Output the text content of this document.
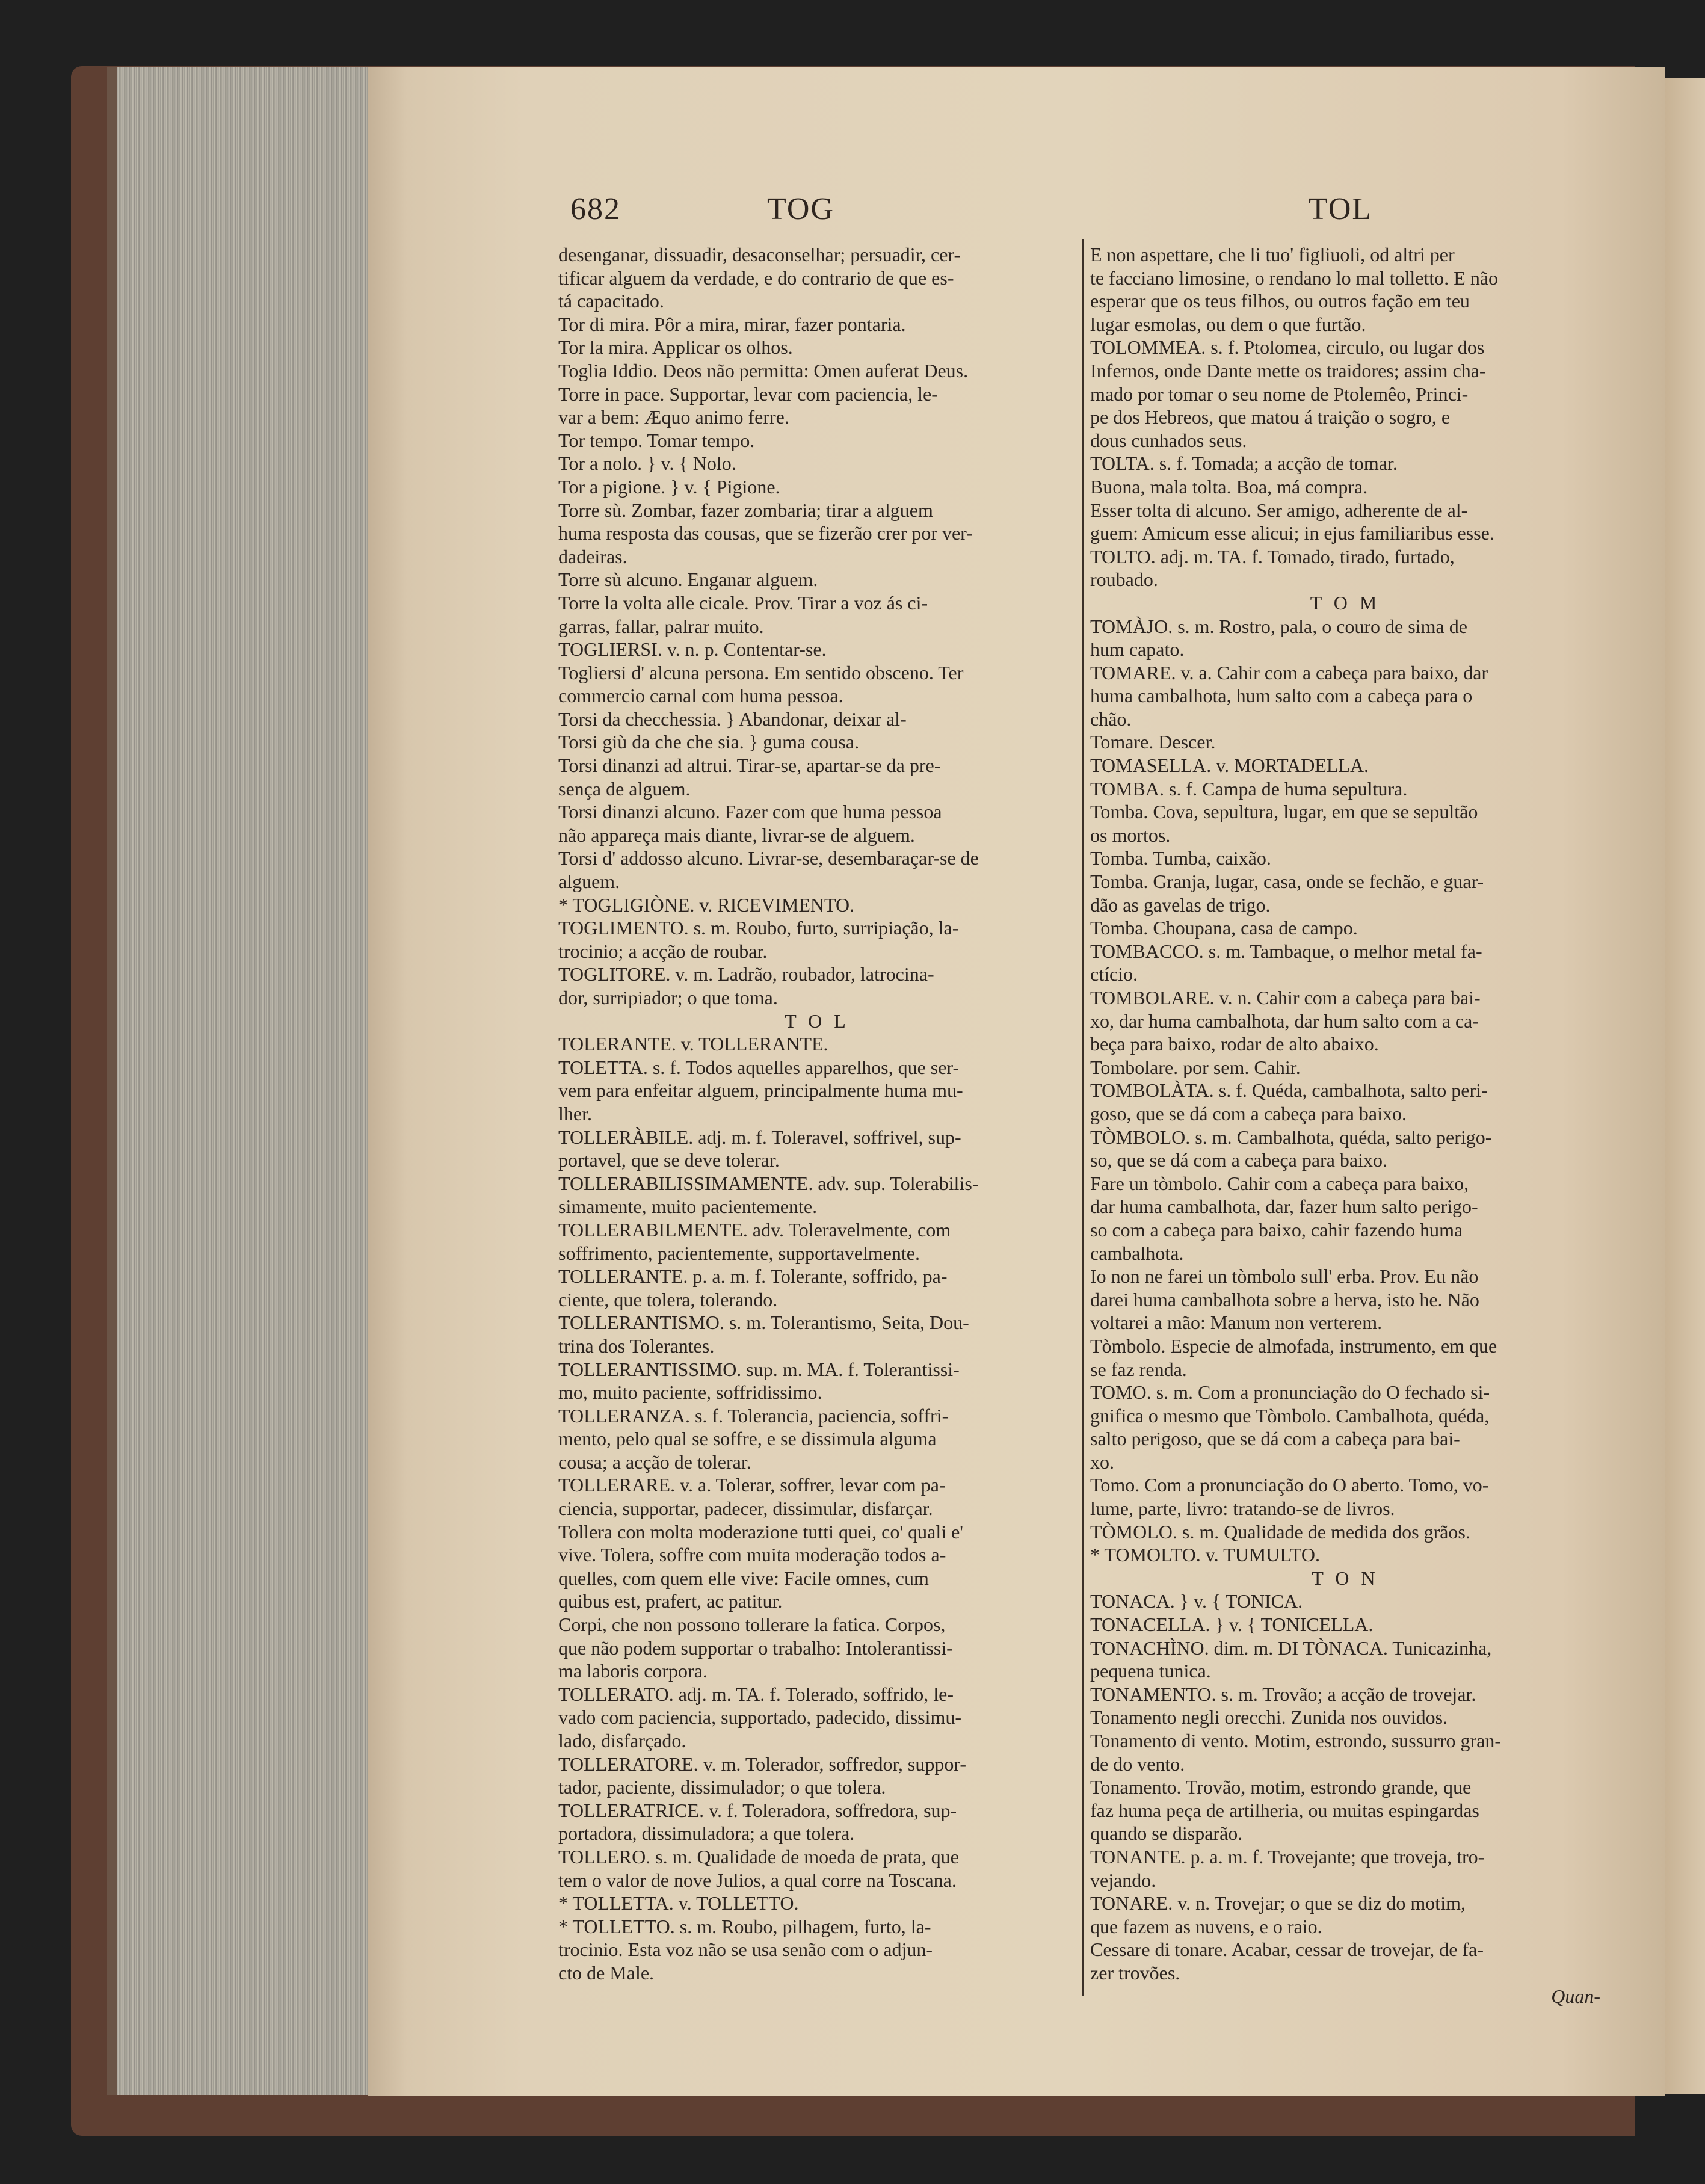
682	TOG	TOL

desenganar, dissuadir, desaconselhar; persuadir, cer-

tificar alguem da verdade, e do contrario de que es-

tá capacitado.

Tor di mira. Pôr a mira, mirar, fazer pontaria.

Tor la mira. Applicar os olhos.

Toglia Iddio. Deos não permitta: Omen auferat Deus.

Torre in pace. Supportar, levar com paciencia, le-

var a bem: Æquo animo ferre.

Tor tempo. Tomar tempo.

Tor a nolo. } v. { Nolo.

Tor a pigione. } v. { Pigione.

Torre sù. Zombar, fazer zombaria; tirar a alguem

huma resposta das cousas, que se fizerão crer por ver-

dadeiras.

Torre sù alcuno. Enganar alguem.

Torre la volta alle cicale. Prov. Tirar a voz ás ci-

garras, fallar, palrar muito.

TOGLIERSI. v. n. p. Contentar-se.

Togliersi d' alcuna persona. Em sentido obsceno. Ter

commercio carnal com huma pessoa.

Torsi da checchessia. } Abandonar, deixar al-

Torsi giù da che che sia. } guma cousa.

Torsi dinanzi ad altrui. Tirar-se, apartar-se da pre-

sença de alguem.

Torsi dinanzi alcuno. Fazer com que huma pessoa

não appareça mais diante, livrar-se de alguem.

Torsi d' addosso alcuno. Livrar-se, desembaraçar-se de

alguem.

* TOGLIGIÒNE. v. RICEVIMENTO.

TOGLIMENTO. s. m. Roubo, furto, surripiação, la-

trocinio; a acção de roubar.

TOGLITORE. v. m. Ladrão, roubador, latrocina-

dor, surripiador; o que toma.

T O L

TOLERANTE. v. TOLLERANTE.

TOLETTA. s. f. Todos aquelles apparelhos, que ser-

vem para enfeitar alguem, principalmente huma mu-

lher.

TOLLERÀBILE. adj. m. f. Toleravel, soffrivel, sup-

portavel, que se deve tolerar.

TOLLERABILISSIMAMENTE. adv. sup. Tolerabilis-

simamente, muito pacientemente.

TOLLERABILMENTE. adv. Toleravelmente, com

soffrimento, pacientemente, supportavelmente.

TOLLERANTE. p. a. m. f. Tolerante, soffrido, pa-

ciente, que tolera, tolerando.

TOLLERANTISMO. s. m. Tolerantismo, Seita, Dou-

trina dos Tolerantes.

TOLLERANTISSIMO. sup. m. MA. f. Tolerantissi-

mo, muito paciente, soffridissimo.

TOLLERANZA. s. f. Tolerancia, paciencia, soffri-

mento, pelo qual se soffre, e se dissimula alguma

cousa; a acção de tolerar.

TOLLERARE. v. a. Tolerar, soffrer, levar com pa-

ciencia, supportar, padecer, dissimular, disfarçar.

Tollera con molta moderazione tutti quei, co' quali e'

vive. Tolera, soffre com muita moderação todos a-

quelles, com quem elle vive: Facile omnes, cum

quibus est, prafert, ac patitur.

Corpi, che non possono tollerare la fatica. Corpos,

que não podem supportar o trabalho: Intolerantissi-

ma laboris corpora.

TOLLERATO. adj. m. TA. f. Tolerado, soffrido, le-

vado com paciencia, supportado, padecido, dissimu-

lado, disfarçado.

TOLLERATORE. v. m. Tolerador, soffredor, suppor-

tador, paciente, dissimulador; o que tolera.

TOLLERATRICE. v. f. Toleradora, soffredora, sup-

portadora, dissimuladora; a que tolera.

TOLLERO. s. m. Qualidade de moeda de prata, que

tem o valor de nove Julios, a qual corre na Toscana.

* TOLLETTA. v. TOLLETTO.

* TOLLETTO. s. m. Roubo, pilhagem, furto, la-

trocinio. Esta voz não se usa senão com o adjun-

cto de Male.

E non aspettare, che li tuo' figliuoli, od altri per

te facciano limosine, o rendano lo mal tolletto. E não

esperar que os teus filhos, ou outros fação em teu

lugar esmolas, ou dem o que furtão.

TOLOMMEA. s. f. Ptolomea, circulo, ou lugar dos

Infernos, onde Dante mette os traidores; assim cha-

mado por tomar o seu nome de Ptolemêo, Princi-

pe dos Hebreos, que matou á traição o sogro, e

dous cunhados seus.

TOLTA. s. f. Tomada; a acção de tomar.

Buona, mala tolta. Boa, má compra.

Esser tolta di alcuno. Ser amigo, adherente de al-

guem: Amicum esse alicui; in ejus familiaribus esse.

TOLTO. adj. m. TA. f. Tomado, tirado, furtado,

roubado.

T O M

TOMÀJO. s. m. Rostro, pala, o couro de sima de

hum capato.

TOMARE. v. a. Cahir com a cabeça para baixo, dar

huma cambalhota, hum salto com a cabeça para o

chão.

Tomare. Descer.

TOMASELLA. v. MORTADELLA.

TOMBA. s. f. Campa de huma sepultura.

Tomba. Cova, sepultura, lugar, em que se sepultão

os mortos.

Tomba. Tumba, caixão.

Tomba. Granja, lugar, casa, onde se fechão, e guar-

dão as gavelas de trigo.

Tomba. Choupana, casa de campo.

TOMBACCO. s. m. Tambaque, o melhor metal fa-

ctício.

TOMBOLARE. v. n. Cahir com a cabeça para bai-

xo, dar huma cambalhota, dar hum salto com a ca-

beça para baixo, rodar de alto abaixo.

Tombolare. por sem. Cahir.

TOMBOLÀTA. s. f. Quéda, cambalhota, salto peri-

goso, que se dá com a cabeça para baixo.

TÒMBOLO. s. m. Cambalhota, quéda, salto perigo-

so, que se dá com a cabeça para baixo.

Fare un tòmbolo. Cahir com a cabeça para baixo,

dar huma cambalhota, dar, fazer hum salto perigo-

so com a cabeça para baixo, cahir fazendo huma

cambalhota.

Io non ne farei un tòmbolo sull' erba. Prov. Eu não

darei huma cambalhota sobre a herva, isto he. Não

voltarei a mão: Manum non verterem.

Tòmbolo. Especie de almofada, instrumento, em que

se faz renda.

TOMO. s. m. Com a pronunciação do O fechado si-

gnifica o mesmo que Tòmbolo. Cambalhota, quéda,

salto perigoso, que se dá com a cabeça para bai-

xo.

Tomo. Com a pronunciação do O aberto. Tomo, vo-

lume, parte, livro: tratando-se de livros.

TÒMOLO. s. m. Qualidade de medida dos grãos.

* TOMOLTO. v. TUMULTO.

T O N

TONACA. } v. { TONICA.

TONACELLA. } v. { TONICELLA.

TONACHÌNO. dim. m. DI TÒNACA. Tunicazinha,

pequena tunica.

TONAMENTO. s. m. Trovão; a acção de trovejar.

Tonamento negli orecchi. Zunida nos ouvidos.

Tonamento di vento. Motim, estrondo, sussurro gran-

de do vento.

Tonamento. Trovão, motim, estrondo grande, que

faz huma peça de artilheria, ou muitas espingardas

quando se disparão.

TONANTE. p. a. m. f. Trovejante; que troveja, tro-

vejando.

TONARE. v. n. Trovejar; o que se diz do motim,

que fazem as nuvens, e o raio.

Cessare di tonare. Acabar, cessar de trovejar, de fa-

zer trovões.

Quan-
